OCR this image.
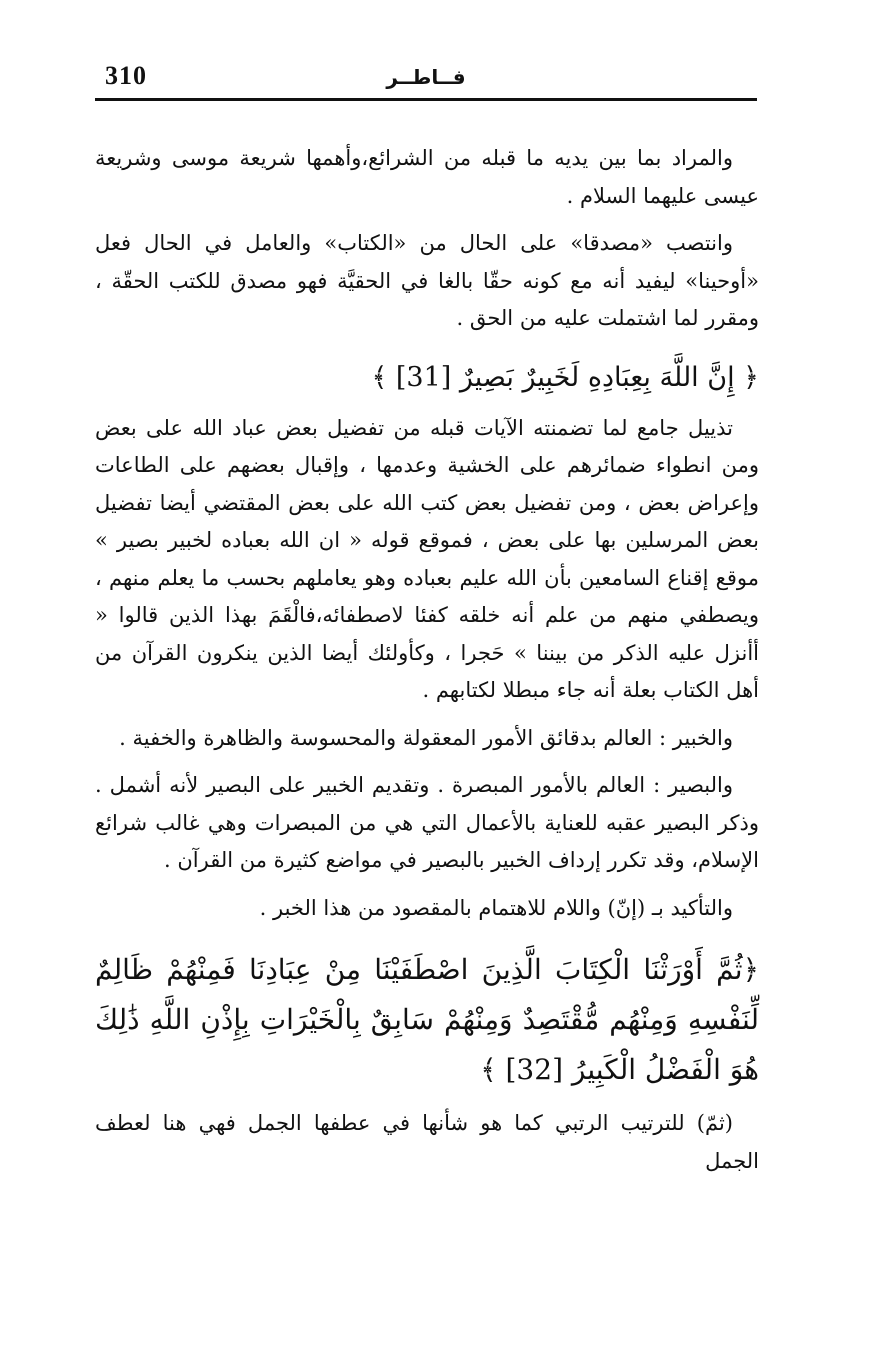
310	فــاطــر

والمراد بما بين يديه ما قبله من الشرائع،وأهمها شريعة موسى وشريعة عيسى عليهما السلام .

وانتصب «مصدقا» على الحال من «الكتاب» والعامل في الحال فعل «أوحينا» ليفيد أنه مع كونه حقّا بالغا في الحقيَّة فهو مصدق للكتب الحقّة ، ومقرر لما اشتملت عليه من الحق .

﴿ إِنَّ اللَّهَ بِعِبَادِهِ لَخَبِيرٌ بَصِيرٌ [31] ﴾

تذييل جامع لما تضمنته الآيات قبله من تفضيل بعض عباد الله على بعض ومن انطواء ضمائرهم على الخشية وعدمها ، وإقبال بعضهم على الطاعات وإعراض بعض ، ومن تفضيل بعض كتب الله على بعض المقتضي أيضا تفضيل بعض المرسلين بها على بعض ، فموقع قوله « ان الله بعباده لخبير بصير » موقع إقناع السامعين بأن الله عليم بعباده وهو يعاملهم بحسب ما يعلم منهم ، ويصطفي منهم من علم أنه خلقه كفئا لاصطفائه،فالْقَمَ بهذا الذين قالوا « أأنزل عليه الذكر من بيننا » حَجرا ، وكأولئك أيضا الذين ينكرون القرآن من أهل الكتاب بعلة أنه جاء مبطلا لكتابهم .

والخبير : العالم بدقائق الأمور المعقولة والمحسوسة والظاهرة والخفية .

والبصير : العالم بالأمور المبصرة . وتقديم الخبير على البصير لأنه أشمل . وذكر البصير عقبه للعناية بالأعمال التي هي من المبصرات وهي غالب شرائع الإسلام، وقد تكرر إرداف الخبير بالبصير في مواضع كثيرة من القرآن .

والتأكيد بـ (إنّ) واللام للاهتمام بالمقصود من هذا الخبر .

﴿ثُمَّ أَوْرَثْنَا الْكِتَابَ الَّذِينَ اصْطَفَيْنَا مِنْ عِبَادِنَا فَمِنْهُمْ ظَالِمٌ لِّنَفْسِهِ وَمِنْهُم مُّقْتَصِدٌ وَمِنْهُمْ سَابِقٌ بِالْخَيْرَاتِ بِإِذْنِ اللَّهِ ذَٰلِكَ هُوَ الْفَضْلُ الْكَبِيرُ [32] ﴾

(ثمّ) للترتيب الرتبي كما هو شأنها في عطفها الجمل فهي هنا لعطف الجمل
